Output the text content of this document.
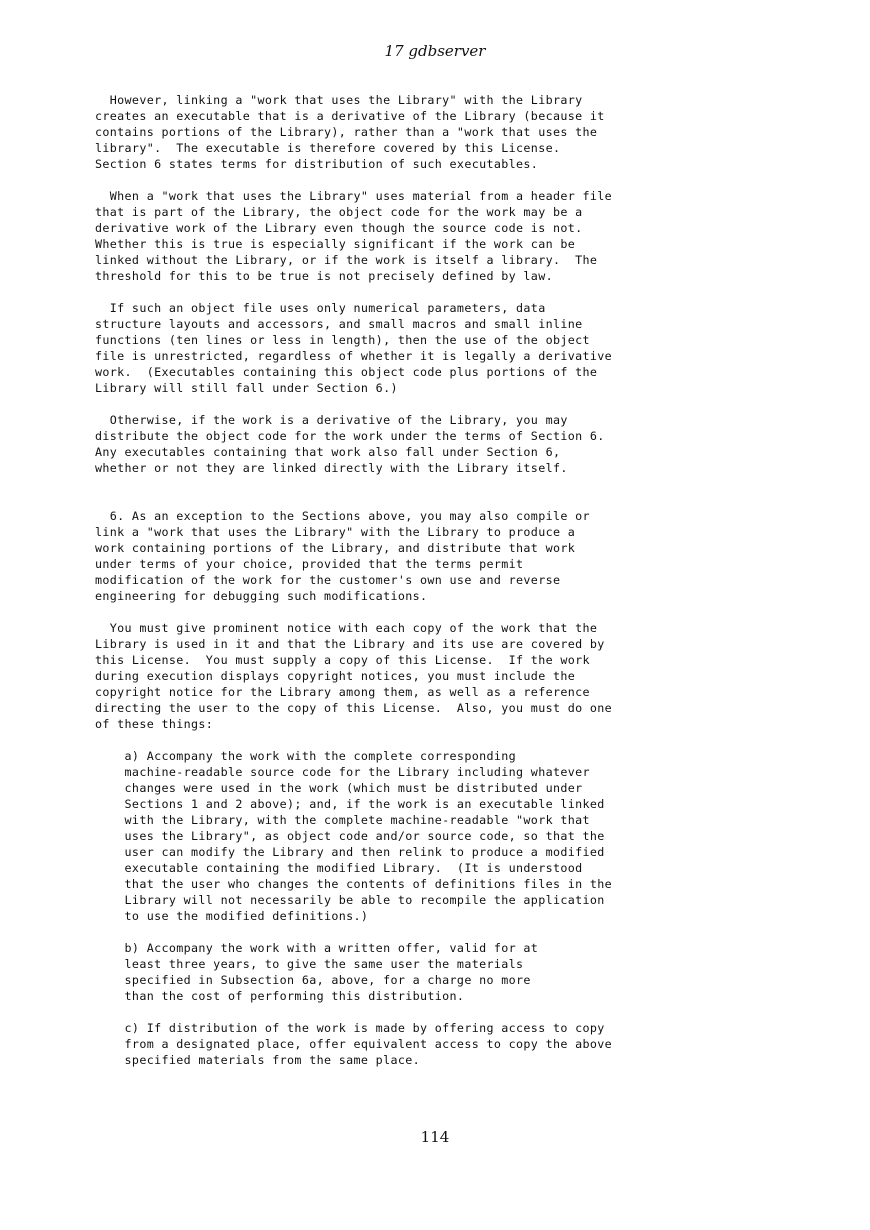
17 gdbserver
However, linking a "work that uses the Library" with the Library
creates an executable that is a derivative of the Library (because it
contains portions of the Library), rather than a "work that uses the
library".  The executable is therefore covered by this License.
Section 6 states terms for distribution of such executables.
When a "work that uses the Library" uses material from a header file
that is part of the Library, the object code for the work may be a
derivative work of the Library even though the source code is not.
Whether this is true is especially significant if the work can be
linked without the Library, or if the work is itself a library.  The
threshold for this to be true is not precisely defined by law.
If such an object file uses only numerical parameters, data
structure layouts and accessors, and small macros and small inline
functions (ten lines or less in length), then the use of the object
file is unrestricted, regardless of whether it is legally a derivative
work.  (Executables containing this object code plus portions of the
Library will still fall under Section 6.)
Otherwise, if the work is a derivative of the Library, you may
distribute the object code for the work under the terms of Section 6.
Any executables containing that work also fall under Section 6,
whether or not they are linked directly with the Library itself.
6. As an exception to the Sections above, you may also compile or
link a "work that uses the Library" with the Library to produce a
work containing portions of the Library, and distribute that work
under terms of your choice, provided that the terms permit
modification of the work for the customer's own use and reverse
engineering for debugging such modifications.
You must give prominent notice with each copy of the work that the
Library is used in it and that the Library and its use are covered by
this License.  You must supply a copy of this License.  If the work
during execution displays copyright notices, you must include the
copyright notice for the Library among them, as well as a reference
directing the user to the copy of this License.  Also, you must do one
of these things:
a) Accompany the work with the complete corresponding
machine-readable source code for the Library including whatever
changes were used in the work (which must be distributed under
Sections 1 and 2 above); and, if the work is an executable linked
with the Library, with the complete machine-readable "work that
uses the Library", as object code and/or source code, so that the
user can modify the Library and then relink to produce a modified
executable containing the modified Library.  (It is understood
that the user who changes the contents of definitions files in the
Library will not necessarily be able to recompile the application
to use the modified definitions.)
b) Accompany the work with a written offer, valid for at
least three years, to give the same user the materials
specified in Subsection 6a, above, for a charge no more
than the cost of performing this distribution.
c) If distribution of the work is made by offering access to copy
from a designated place, offer equivalent access to copy the above
specified materials from the same place.
114
